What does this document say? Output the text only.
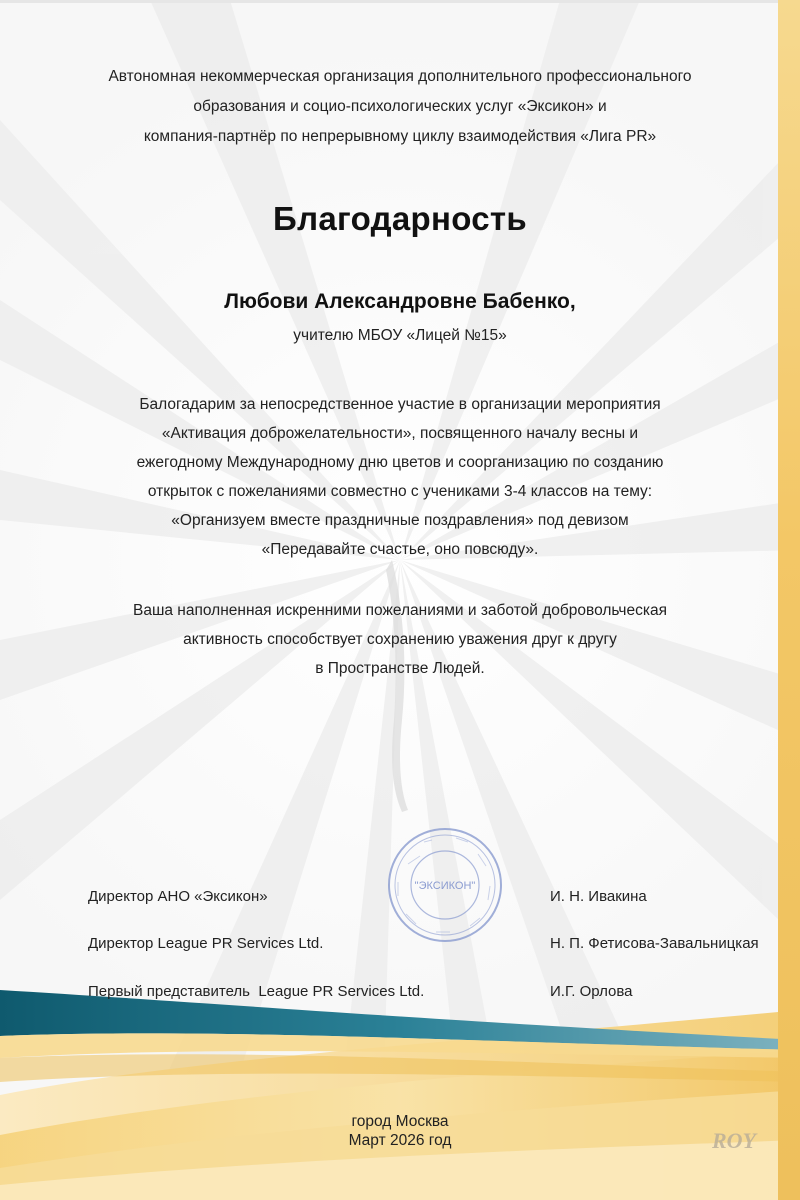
Автономная некоммерческая организация дополнительного профессионального
образования и социо-психологических услуг «Эксикон» и
компания-партнёр по непрерывному циклу взаимодействия «Лига PR»
Благодарность
Любови Александровне Бабенко,
учителю МБОУ «Лицей №15»
Балогадарим за непосредственное участие в организации мероприятия
«Активация доброжелательности», посвященного началу весны и
ежегодному Международному дню цветов и соорганизацию по созданию
открыток с пожеланиями совместно с учениками 3-4 классов на тему:
«Организуем вместе праздничные поздравления» под девизом
«Передавайте счастье, оно повсюду».
Ваша наполненная искренними пожеланиями и заботой добровольческая
активность способствует сохранению уважения друг к другу
в Пространстве Людей.
"ЭКСИКОН"
Директор АНО «Эксикон»	И. Н. Ивакина
Директор League PR Services Ltd.	Н. П. Фетисова-Завальницкая
Первый представитель  League PR Services Ltd.	И.Г. Орлова
город Москва
Март 2026 год	ROY
